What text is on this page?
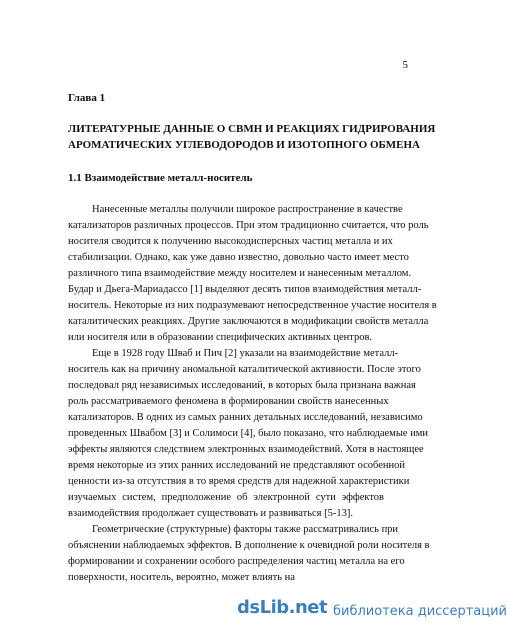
5
Глава 1
ЛИТЕРАТУРНЫЕ ДАННЫЕ О СВМН И РЕАКЦИЯХ ГИДРИРОВАНИЯ
АРОМАТИЧЕСКИХ УГЛЕВОДОРОДОВ И ИЗОТОПНОГО ОБМЕНА
1.1 Взаимодействие металл-носитель
Нанесенные металлы получили широкое распространение в качестве
катализаторов различных процессов. При этом традиционно считается, что роль
носителя сводится к получению высокодисперсных частиц металла и их
стабилизации. Однако, как уже давно известно, довольно часто имеет место
различного типа взаимодействие между носителем и нанесенным металлом.
Будар и Дьега-Мариадассо [1] выделяют десять типов взаимодействия металл-
носитель. Некоторые из них подразумевают непосредственное участие носителя в
каталитических реакциях. Другие заключаются в модификации свойств металла
или носителя или в образовании специфических активных центров.
Еще в 1928 году Шваб и Пич [2] указали на взаимодействие металл-
носитель как на причину аномальной каталитической активности. После этого
последовал ряд независимых исследований, в которых была признана важная
роль рассматриваемого феномена в формировании свойств нанесенных
катализаторов. В одних из самых ранних детальных исследований, независимо
проведенных Швабом [3] и Солимоси [4], было показано, что наблюдаемые ими
эффекты являются следствием электронных взаимодействий. Хотя в настоящее
время некоторые из этих ранних исследований не представляют особенной
ценности из-за отсутствия в то время средств для надежной характеристики
изучаемых систем, предположение об электронной сути эффектов
взаимодействия продолжает существовать и развиваться [5-13].
Геометрические (структурные) факторы также рассматривались при
объяснении наблюдаемых эффектов. В дополнение к очевидной роли носителя в
формировании и сохранении особого распределения частиц металла на его
поверхности, носитель, вероятно, может влиять на
dsLib.net библиотека диссертаций
